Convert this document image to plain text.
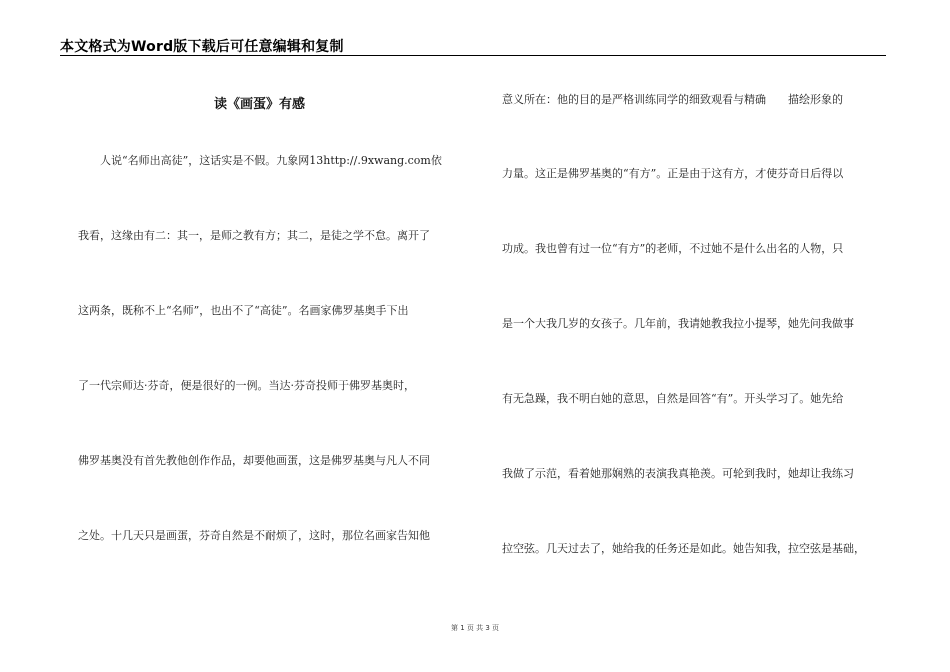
本文格式为Word版下载后可任意编辑和复制
读《画蛋》有感
　　人说“名师出高徒”，这话实是不假。九象网13http://.9xwang.com依
我看，这缘由有二：其一，是师之教有方；其二，是徒之学不怠。离开了
这两条，既称不上“名师”，也出不了“高徒”。名画家佛罗基奥手下出
了一代宗师达·芬奇，便是很好的一例。当达·芬奇投师于佛罗基奥时，
佛罗基奥没有首先教他创作作品，却要他画蛋，这是佛罗基奥与凡人不同
之处。十几天只是画蛋，芬奇自然是不耐烦了，这时，那位名画家告知他
意义所在：他的目的是严格训练同学的细致观看与精确　　描绘形象的
力量。这正是佛罗基奥的“有方”。正是由于这有方，才使芬奇日后得以
功成。我也曾有过一位“有方”的老师，不过她不是什么出名的人物，只
是一个大我几岁的女孩子。几年前，我请她教我拉小提琴，她先问我做事
有无急躁，我不明白她的意思，自然是回答“有”。开头学习了。她先给
我做了示范，看着她那娴熟的表演我真艳羡。可轮到我时，她却让我练习
拉空弦。几天过去了，她给我的任务还是如此。她告知我，拉空弦是基础，
第 1 页 共 3 页
